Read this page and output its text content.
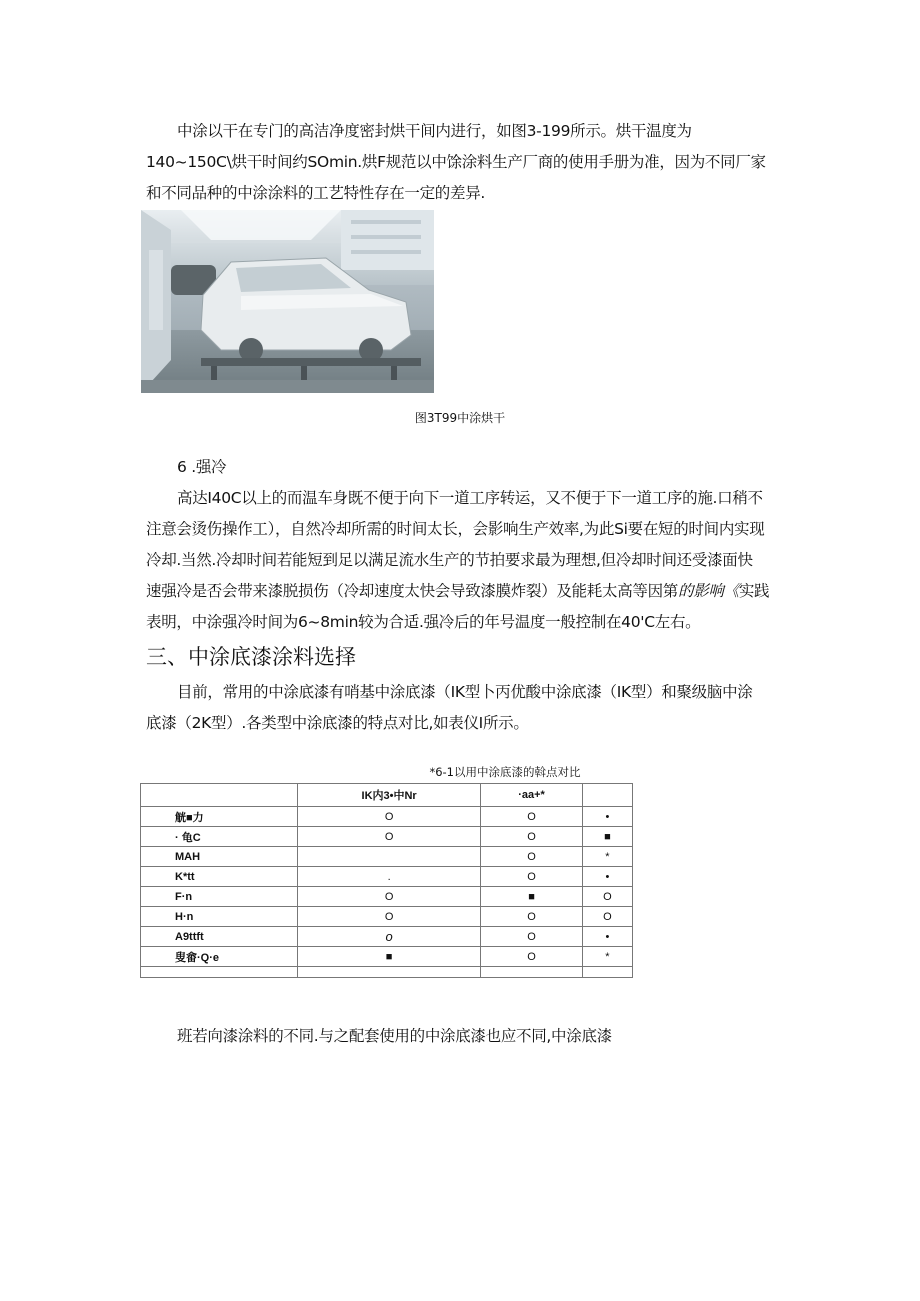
中涂以干在专门的高洁净度密封烘干间内进行，如图3-199所示。烘干温度为
140~150C\烘干时间约SOmin.烘F规范以中馀涂料生产厂商的使用手册为准，因为不同厂家
和不同品种的中涂涂料的工艺特性存在一定的差异.
图3T99中涂烘干
6 .强冷
高达I40C以上的而温车身既不便于向下一道工序转运，又不便于下一道工序的施.口稍不
注意会烫伤操作工），自然冷却所需的时间太长，会影响生产效率,为此Si要在短的时间内实现
冷却.当然.冷却时间若能短到足以满足流水生产的节拍要求最为理想,但冷却时间还受漆面快
速强冷是否会带来漆脱损伤（冷却速度太快会导致漆膜炸裂）及能耗太高等因第的影响《实践
表明，中涂强冷时间为6~8min较为合适.强冷后的年号温度一般控制在40'C左右。
三、中涂底漆涂料选择
目前，常用的中涂底漆有哨基中涂底漆（IK型卜丙优酸中涂底漆（IK型）和聚级脑中涂
底漆（2K型）.各类型中涂底漆的特点对比,如表仪I所示。
*6-1以用中涂底漆的斡点对比
	IK内3•中Nr	·aa+*	
觥■力	O	O	•
· 龟C	O	O	■
MAH		O	*
K*tt	.	O	•
F·n	O	■	O
H·n	O	O	O
A9ttft	o	O	•
叟畲·Q·e	■	O	*

班若向漆涂料的不同.与之配套使用的中涂底漆也应不同,中涂底漆
